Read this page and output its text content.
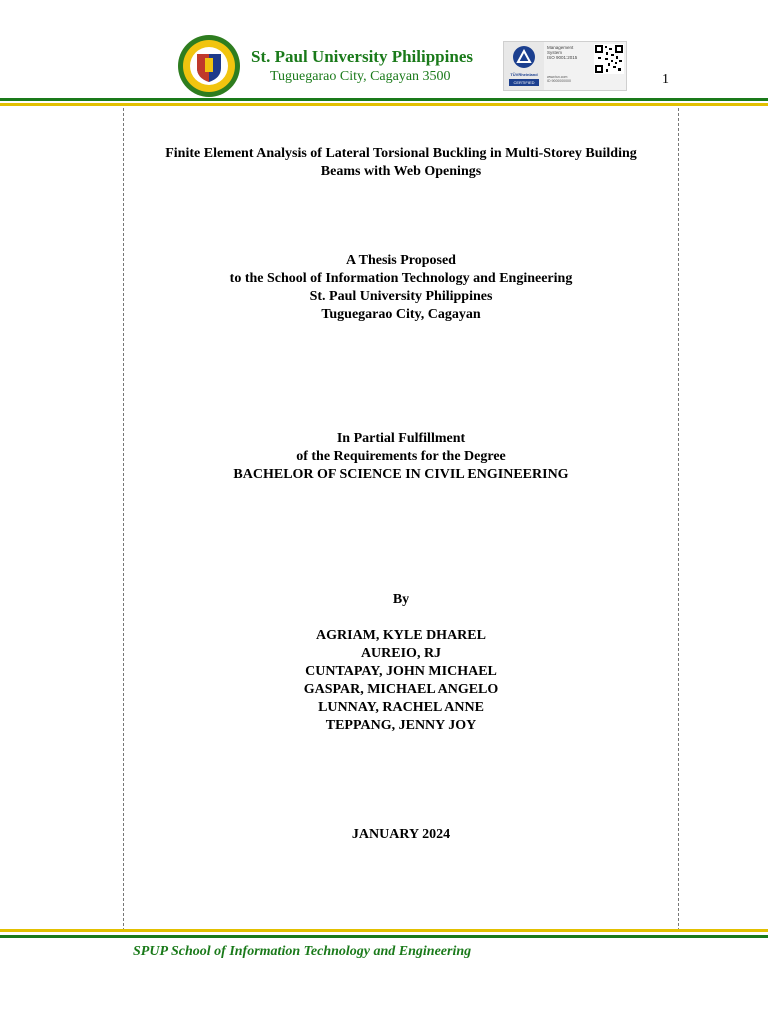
St. Paul University Philippines
Tuguegarao City, Cagayan 3500	TÜVRheinland
CERTIFIED
Management
System
ISO 9001:2015
www.tuv.com
ID 9000000000	1
Finite Element Analysis of Lateral Torsional Buckling in Multi-Storey Building
Beams with Web Openings
A Thesis Proposed
to the School of Information Technology and Engineering
St. Paul University Philippines
Tuguegarao City, Cagayan
In Partial Fulfillment
of the Requirements for the Degree
BACHELOR OF SCIENCE IN CIVIL ENGINEERING
By
AGRIAM, KYLE DHAREL
AUREIO, RJ
CUNTAPAY, JOHN MICHAEL
GASPAR, MICHAEL ANGELO
LUNNAY, RACHEL ANNE
TEPPANG, JENNY JOY
JANUARY 2024
SPUP School of Information Technology and Engineering
